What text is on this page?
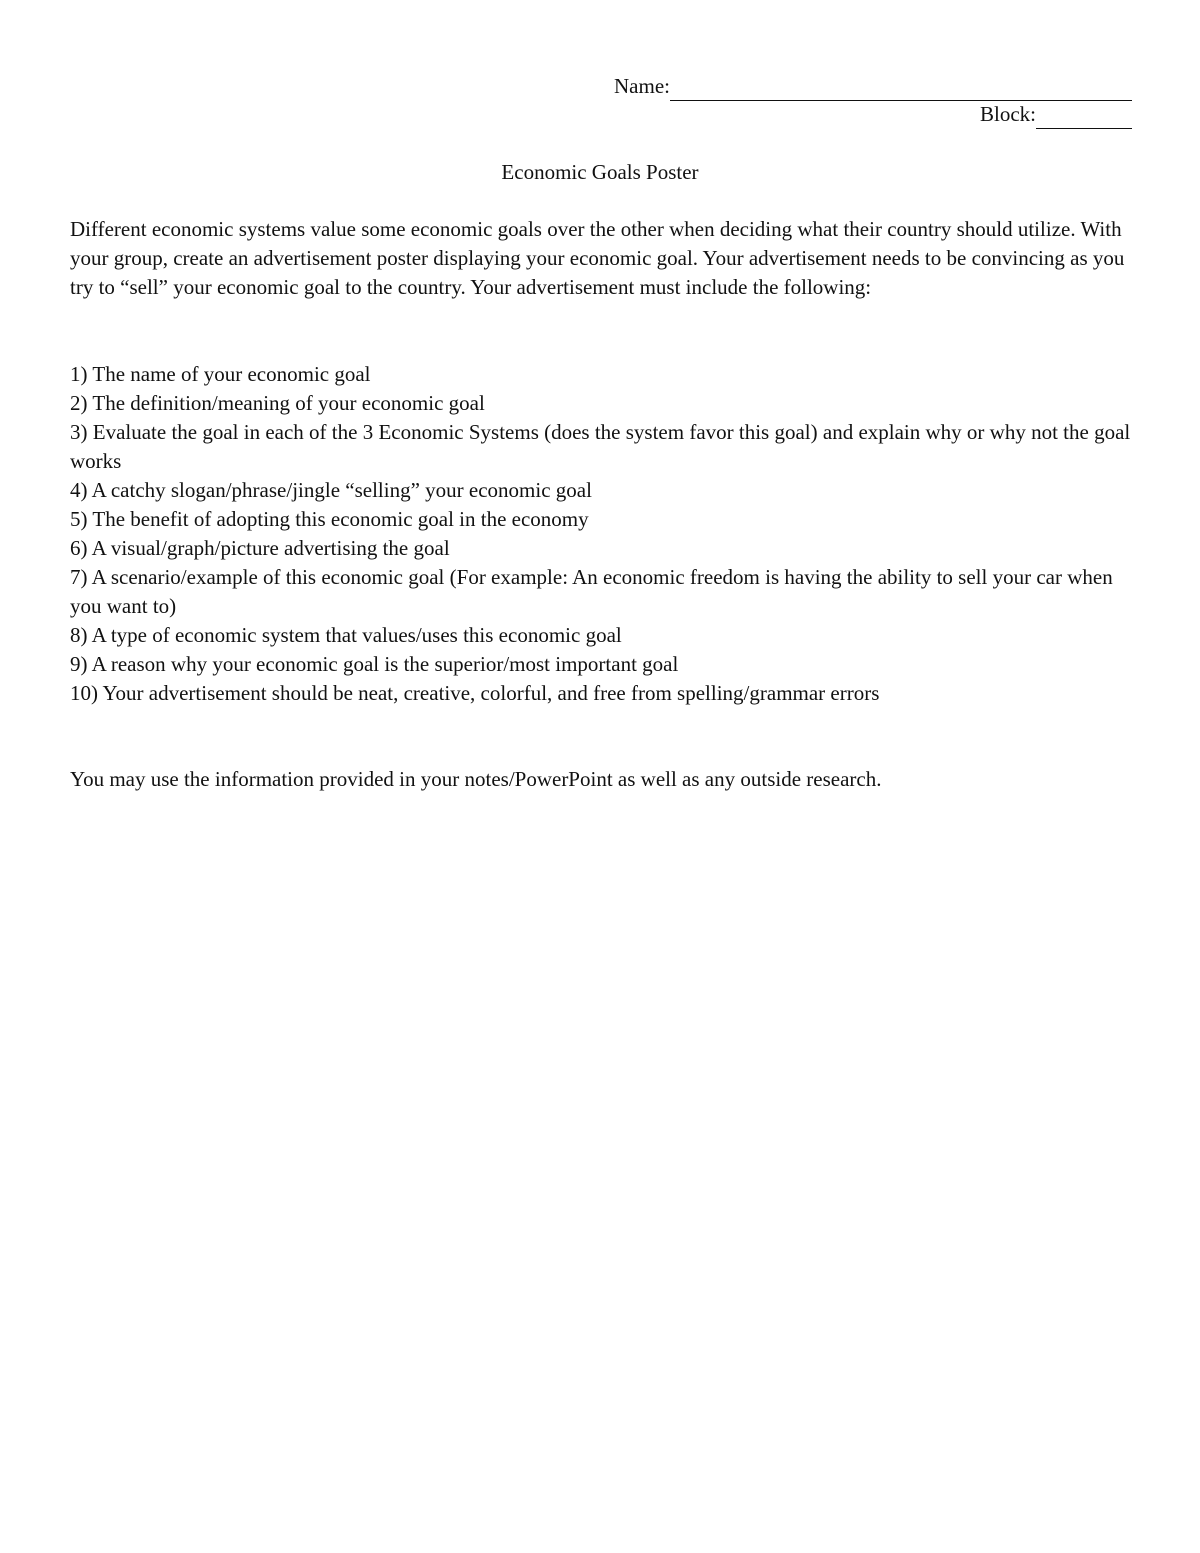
Name:
Block:
Economic Goals Poster

Different economic systems value some economic goals over the other when deciding what their country should utilize. With your group, create an advertisement poster displaying your economic goal. Your advertisement needs to be convincing as you try to “sell” your economic goal to the country. Your advertisement must include the following:

1) The name of your economic goal
2) The definition/meaning of your economic goal
3) Evaluate the goal in each of the 3 Economic Systems (does the system favor this goal) and explain why or why not the goal works
4) A catchy slogan/phrase/jingle “selling” your economic goal
5) The benefit of adopting this economic goal in the economy
6) A visual/graph/picture advertising the goal
7) A scenario/example of this economic goal (For example: An economic freedom is having the ability to sell your car when you want to)
8) A type of economic system that values/uses this economic goal
9) A reason why your economic goal is the superior/most important goal
10) Your advertisement should be neat, creative, colorful, and free from spelling/grammar errors

You may use the information provided in your notes/PowerPoint as well as any outside research.
